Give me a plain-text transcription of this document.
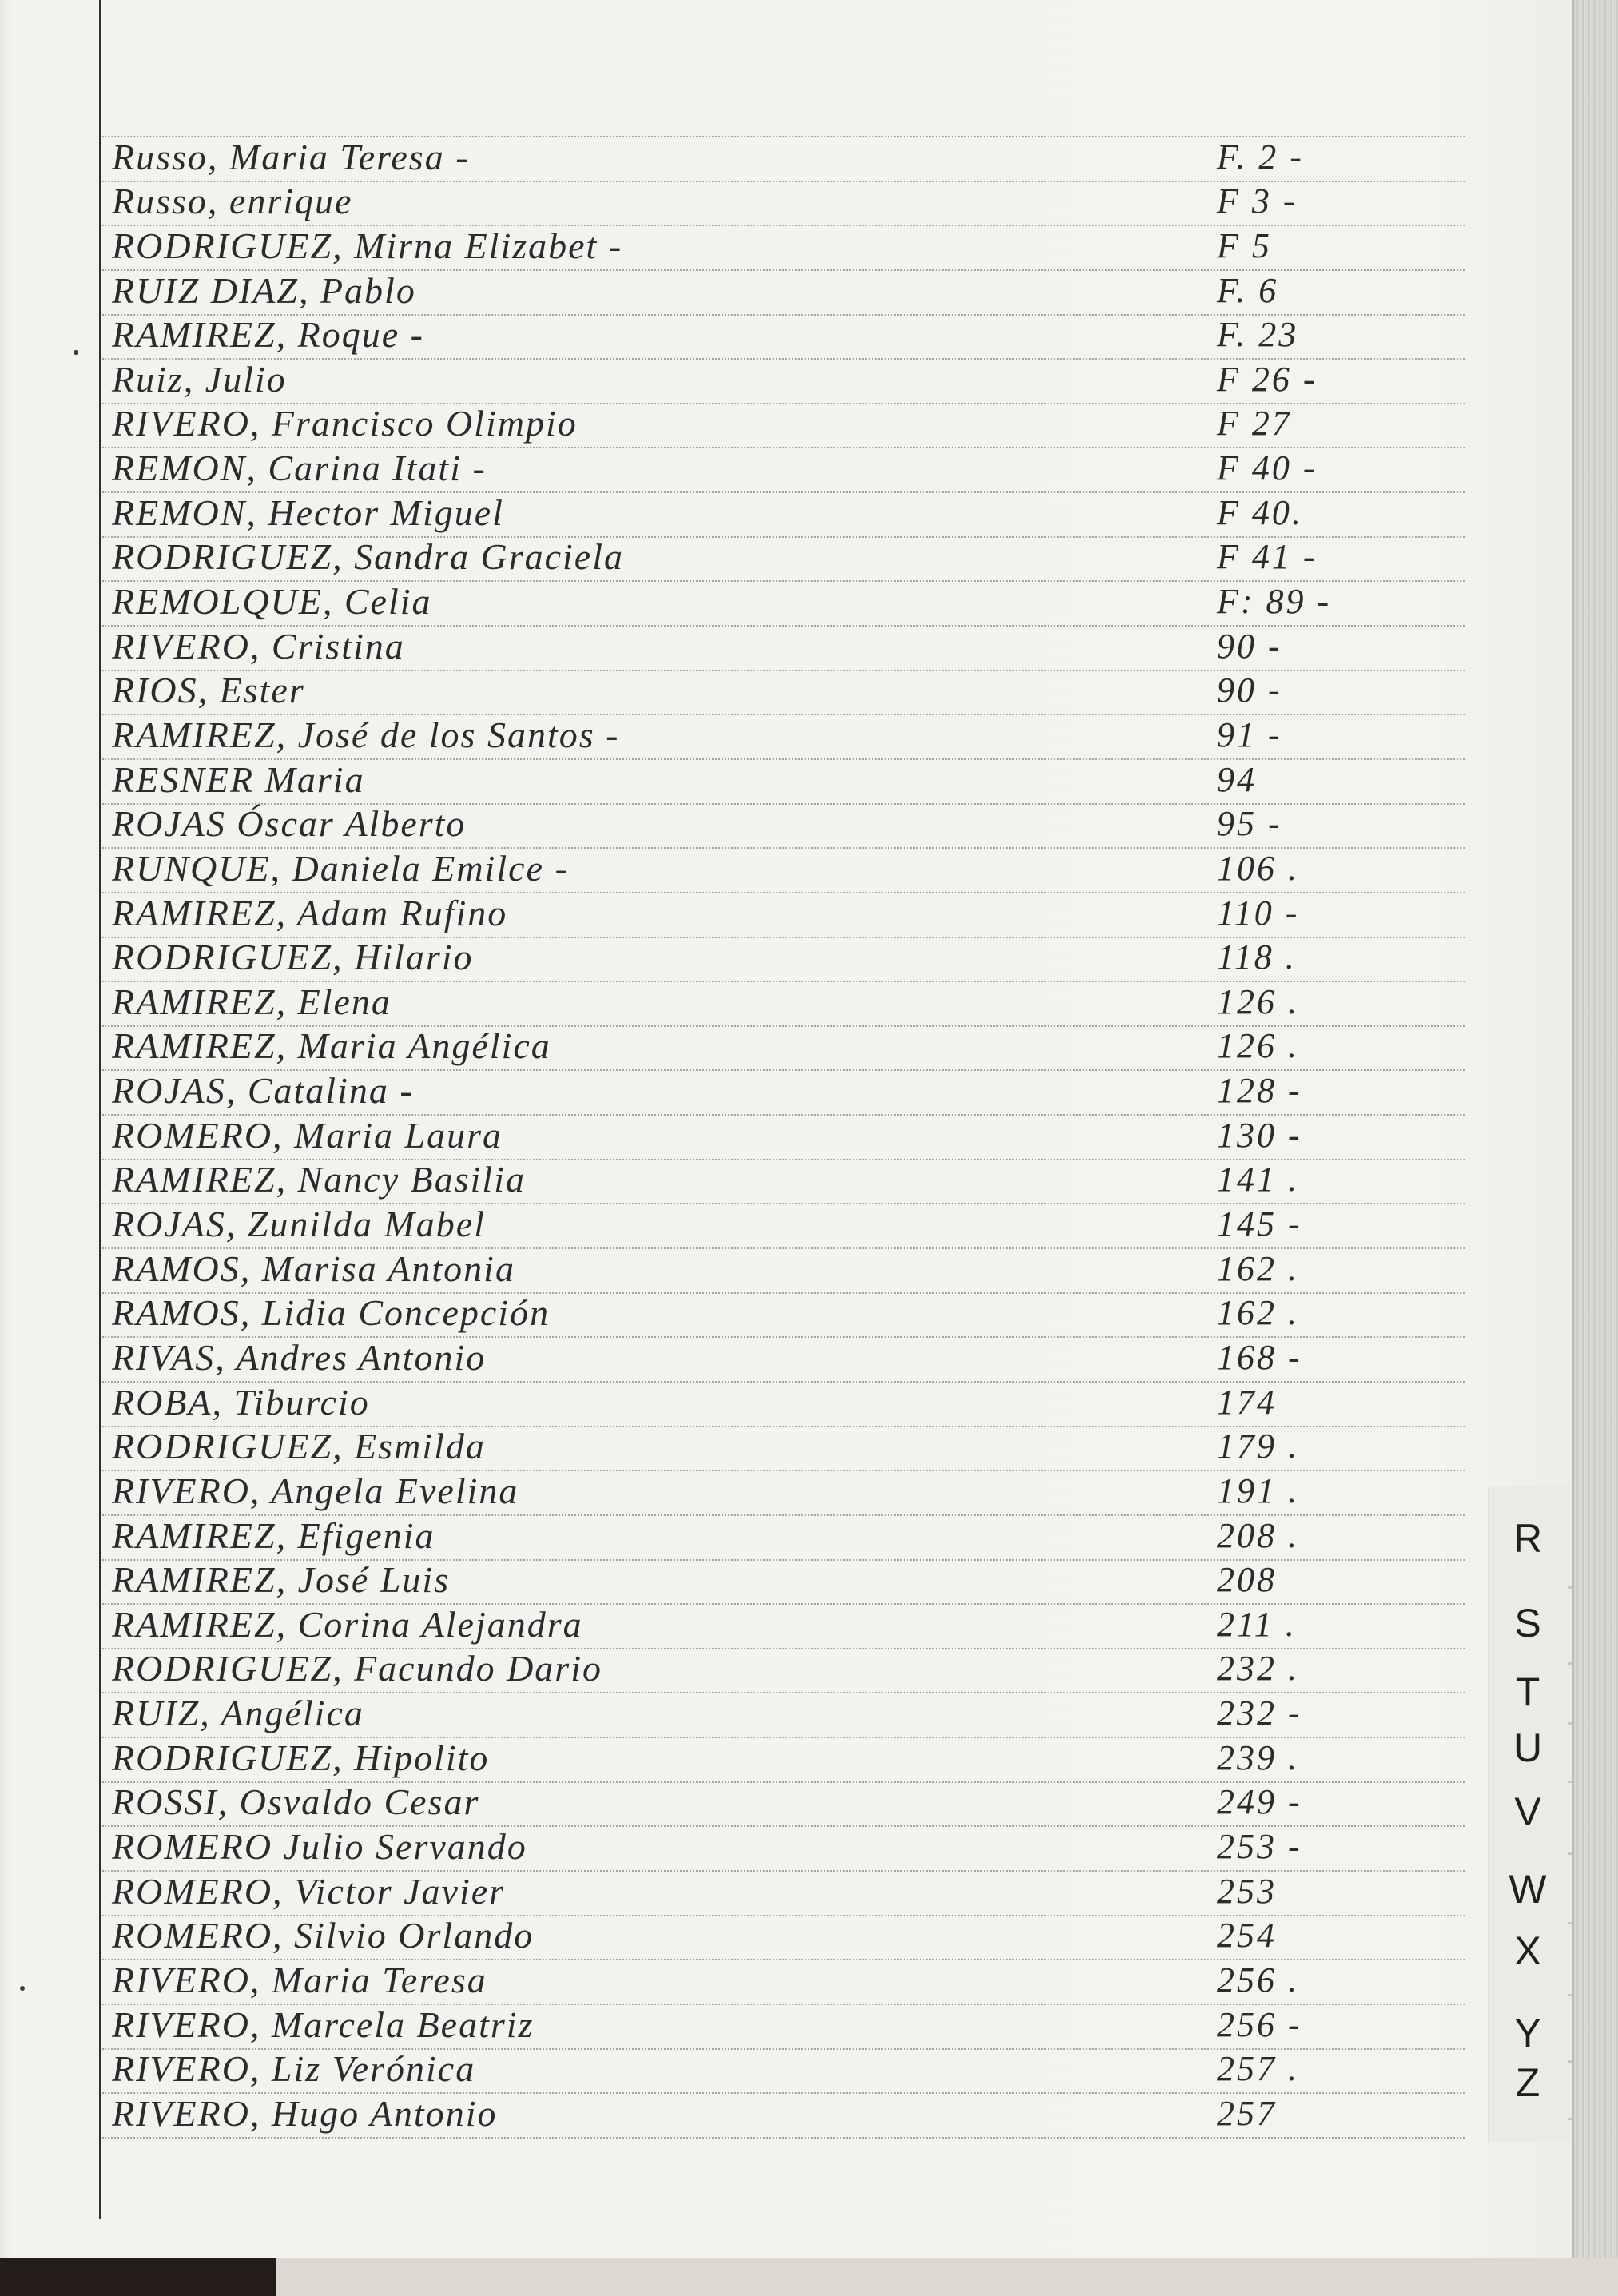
Russo, Maria Teresa -	F. 2 -
Russo, enrique	F 3 -
RODRIGUEZ, Mirna Elizabet -	F 5
RUIZ DIAZ, Pablo	F. 6
RAMIREZ, Roque -	F. 23
Ruiz, Julio	F 26 -
RIVERO, Francisco Olimpio	F 27
REMON, Carina Itati -	F 40 -
REMON, Hector Miguel	F 40.
RODRIGUEZ, Sandra Graciela	F 41 -
REMOLQUE, Celia	F: 89 -
RIVERO, Cristina	90 -
RIOS, Ester	90 -
RAMIREZ, José de los Santos -	91 -
RESNER Maria	94
ROJAS Óscar Alberto	95 -
RUNQUE, Daniela Emilce -	106 .
RAMIREZ, Adam Rufino	110 -
RODRIGUEZ, Hilario	118 .
RAMIREZ, Elena	126 .
RAMIREZ, Maria Angélica	126 .
ROJAS, Catalina -	128 -
ROMERO, Maria Laura	130 -
RAMIREZ, Nancy Basilia	141 .
ROJAS, Zunilda Mabel	145 -
RAMOS, Marisa Antonia	162 .
RAMOS, Lidia Concepción	162 .
RIVAS, Andres Antonio	168 -
ROBA, Tiburcio	174
RODRIGUEZ, Esmilda	179 .
RIVERO, Angela Evelina	191 .
RAMIREZ, Efigenia	208 .
RAMIREZ, José Luis	208
RAMIREZ, Corina Alejandra	211 .
RODRIGUEZ, Facundo Dario	232 .
RUIZ, Angélica	232 -
RODRIGUEZ, Hipolito	239 .
ROSSI, Osvaldo Cesar	249 -
ROMERO Julio Servando	253 -
ROMERO, Victor Javier	253
ROMERO, Silvio Orlando	254
RIVERO, Maria Teresa	256 .
RIVERO, Marcela Beatriz	256 -
RIVERO, Liz Verónica	257 .
RIVERO, Hugo Antonio	257
R
S
T
U
V
W
X
Y
Z
